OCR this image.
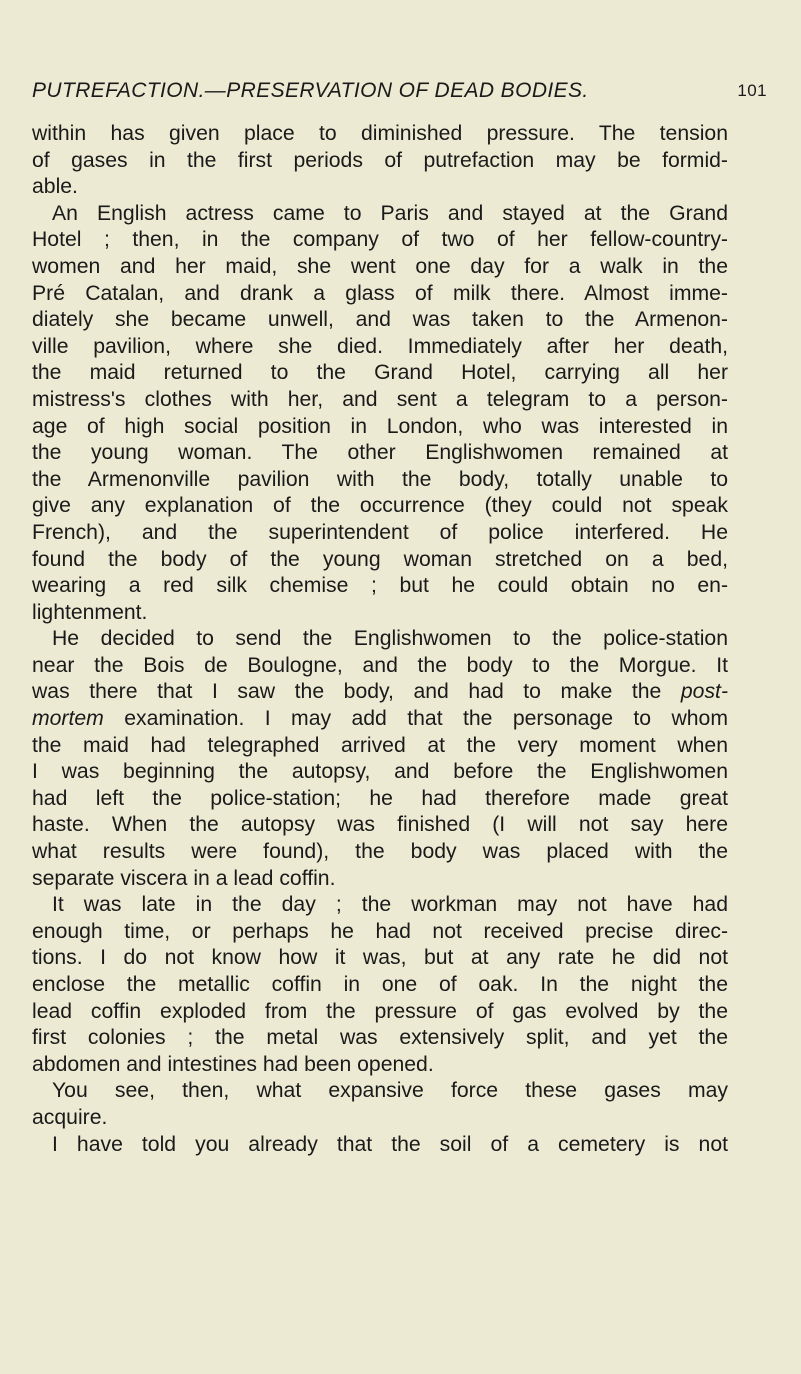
PUTREFACTION.—PRESERVATION OF DEAD BODIES.	101
within has given place to diminished pressure. The tension
of gases in the first periods of putrefaction may be formid-
able.
An English actress came to Paris and stayed at the Grand
Hotel ; then, in the company of two of her fellow-country-
women and her maid, she went one day for a walk in the
Pré Catalan, and drank a glass of milk there. Almost imme-
diately she became unwell, and was taken to the Armenon-
ville pavilion, where she died. Immediately after her death,
the maid returned to the Grand Hotel, carrying all her
mistress's clothes with her, and sent a telegram to a person-
age of high social position in London, who was interested in
the young woman. The other Englishwomen remained at
the Armenonville pavilion with the body, totally unable to
give any explanation of the occurrence (they could not speak
French), and the superintendent of police interfered. He
found the body of the young woman stretched on a bed,
wearing a red silk chemise ; but he could obtain no en-
lightenment.
He decided to send the Englishwomen to the police-station
near the Bois de Boulogne, and the body to the Morgue. It
was there that I saw the body, and had to make the post-
mortem examination. I may add that the personage to whom
the maid had telegraphed arrived at the very moment when
I was beginning the autopsy, and before the Englishwomen
had left the police-station; he had therefore made great
haste. When the autopsy was finished (I will not say here
what results were found), the body was placed with the
separate viscera in a lead coffin.
It was late in the day ; the workman may not have had
enough time, or perhaps he had not received precise direc-
tions. I do not know how it was, but at any rate he did not
enclose the metallic coffin in one of oak. In the night the
lead coffin exploded from the pressure of gas evolved by the
first colonies ; the metal was extensively split, and yet the
abdomen and intestines had been opened.
You see, then, what expansive force these gases may
acquire.
I have told you already that the soil of a cemetery is not
